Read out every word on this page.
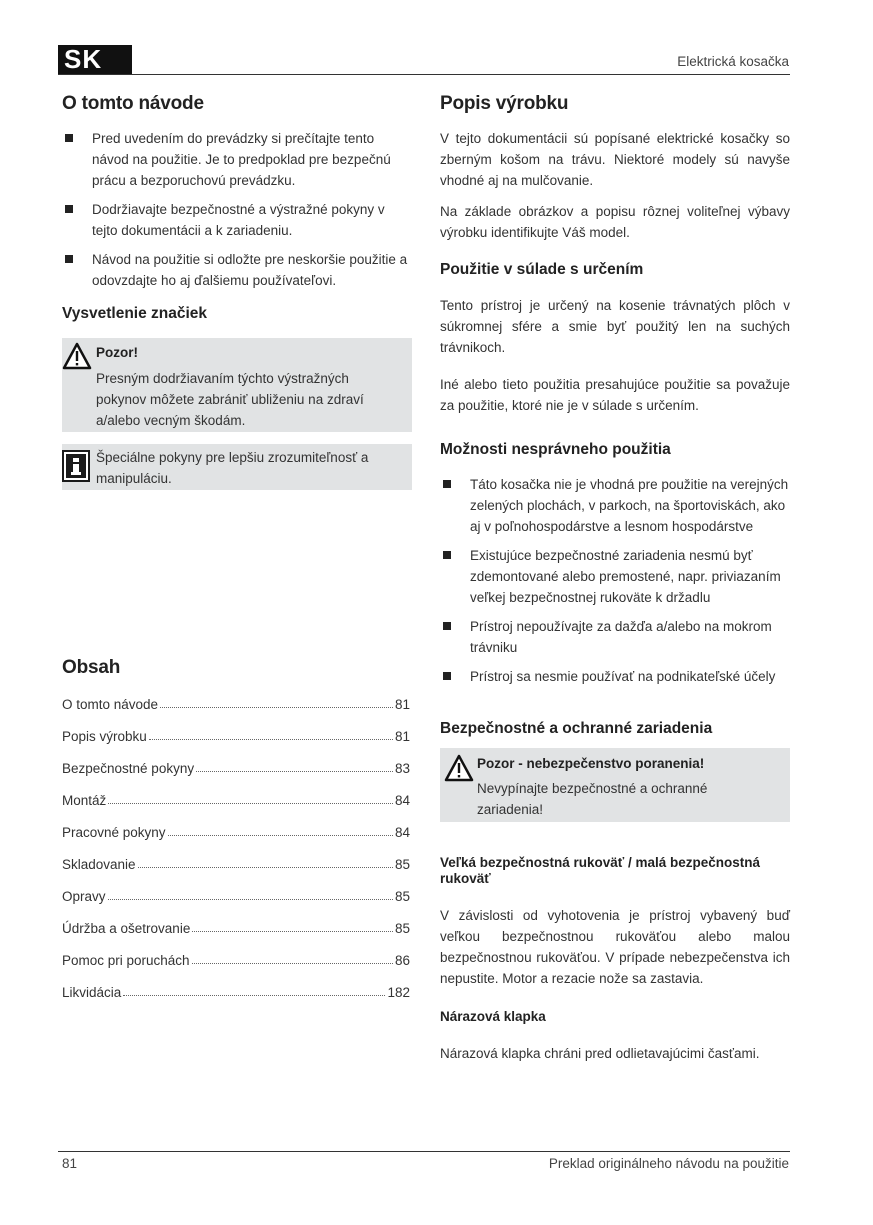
SK	Elektrická kosačka
O tomto návode
Pred uvedením do prevádzky si prečítajte tento návod na použitie. Je to predpoklad pre bezpečnú prácu a bezporuchovú prevádzku.
Dodržiavajte bezpečnostné a výstražné pokyny v tejto dokumentácii a k zariadeniu.
Návod na použitie si odložte pre neskoršie použitie a odovzdajte ho aj ďalšiemu používateľovi.
Vysvetlenie značiek
Pozor!
Presným dodržiavaním týchto výstražných pokynov môžete zabrániť ubliženiu na zdraví a/alebo vecným škodám.
Špeciálne pokyny pre lepšiu zrozumiteľnosť a manipuláciu.
Obsah
O tomto návode	81
Popis výrobku	81
Bezpečnostné pokyny	83
Montáž	84
Pracovné pokyny	84
Skladovanie	85
Opravy	85
Údržba a ošetrovanie	85
Pomoc pri poruchách	86
Likvidácia	182
Popis výrobku

V tejto dokumentácii sú popísané elektrické kosačky so zberným košom na trávu. Niektoré modely sú navyše vhodné aj na mulčovanie.

Na základe obrázkov a popisu rôznej voliteľnej výbavy výrobku identifikujte Váš model.

Použitie v súlade s určením

Tento prístroj je určený na kosenie trávnatých plôch v súkromnej sfére a smie byť použitý len na suchých trávnikoch.

Iné alebo tieto použitia presahujúce použitie sa považuje za použitie, ktoré nie je v súlade s určením.

Možnosti nesprávneho použitia
Táto kosačka nie je vhodná pre použitie na verejných zelených plochách, v parkoch, na športoviskách, ako aj v poľnohospodárstve a lesnom hospodárstve
Existujúce bezpečnostné zariadenia nesmú byť zdemontované alebo premostené, napr. priviazaním veľkej bezpečnostnej rukoväte k držadlu
Prístroj nepoužívajte za dažďa a/alebo na mokrom trávniku
Prístroj sa nesmie používať na podnikateľské účely
Bezpečnostné a ochranné zariadenia
Pozor - nebezpečenstvo poranenia!
Nevypínajte bezpečnostné a ochranné zariadenia!
Veľká bezpečnostná rukoväť / malá bezpečnostná rukoväť

V závislosti od vyhotovenia je prístroj vybavený buď veľkou bezpečnostnou rukoväťou alebo malou bezpečnostnou rukoväťou. V prípade nebezpečenstva ich nepustite. Motor a rezacie nože sa zastavia.

Nárazová klapka

Nárazová klapka chráni pred odlietavajúcimi časťami.

81	Preklad originálneho návodu na použitie
